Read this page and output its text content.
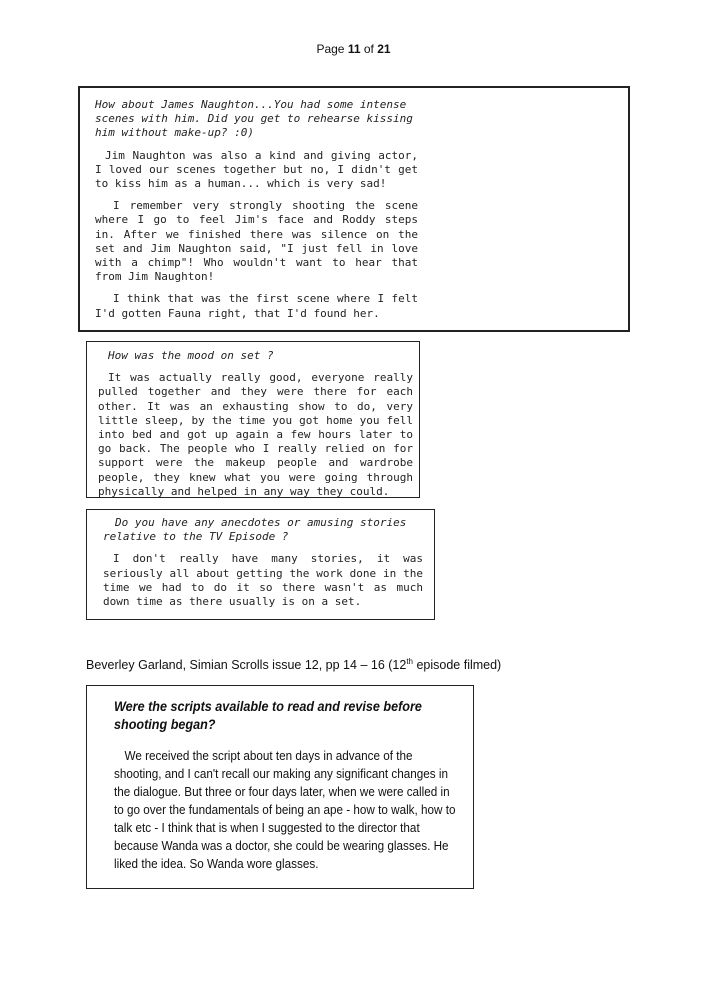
Page 11 of 21

How about James Naughton...You had some intense scenes with him. Did you get to rehearse kissing him without make-up? :0)

Jim Naughton was also a kind and giving actor, I loved our scenes together but no, I didn't get to kiss him as a human... which is very sad!

I remember very strongly shooting the scene where I go to feel Jim's face and Roddy steps in. After we finished there was silence on the set and Jim Naughton said, "I just fell in love with a chimp"! Who wouldn't want to hear that from Jim Naughton!

I think that was the first scene where I felt I'd gotten Fauna right, that I'd found her.

How was the mood on set ?

It was actually really good, everyone really pulled together and they were there for each other. It was an exhausting show to do, very little sleep, by the time you got home you fell into bed and got up again a few hours later to go back. The people who I really relied on for support were the makeup people and wardrobe people, they knew what you were going through physically and helped in any way they could.

Do you have any anecdotes or amusing stories relative to the TV Episode ?

I don't really have many stories, it was seriously all about getting the work done in the time we had to do it so there wasn't as much down time as there usually is on a set.

Beverley Garland, Simian Scrolls issue 12, pp 14 – 16 (12th episode filmed)

Were the scripts available to read and revise before shooting began?

We received the script about ten days in advance of the shooting, and I can't recall our making any significant changes in the dialogue. But three or four days later, when we were called in to go over the fundamentals of being an ape - how to walk, how to talk etc - I think that is when I suggested to the director that because Wanda was a doctor, she could be wearing glasses. He liked the idea. So Wanda wore glasses.
